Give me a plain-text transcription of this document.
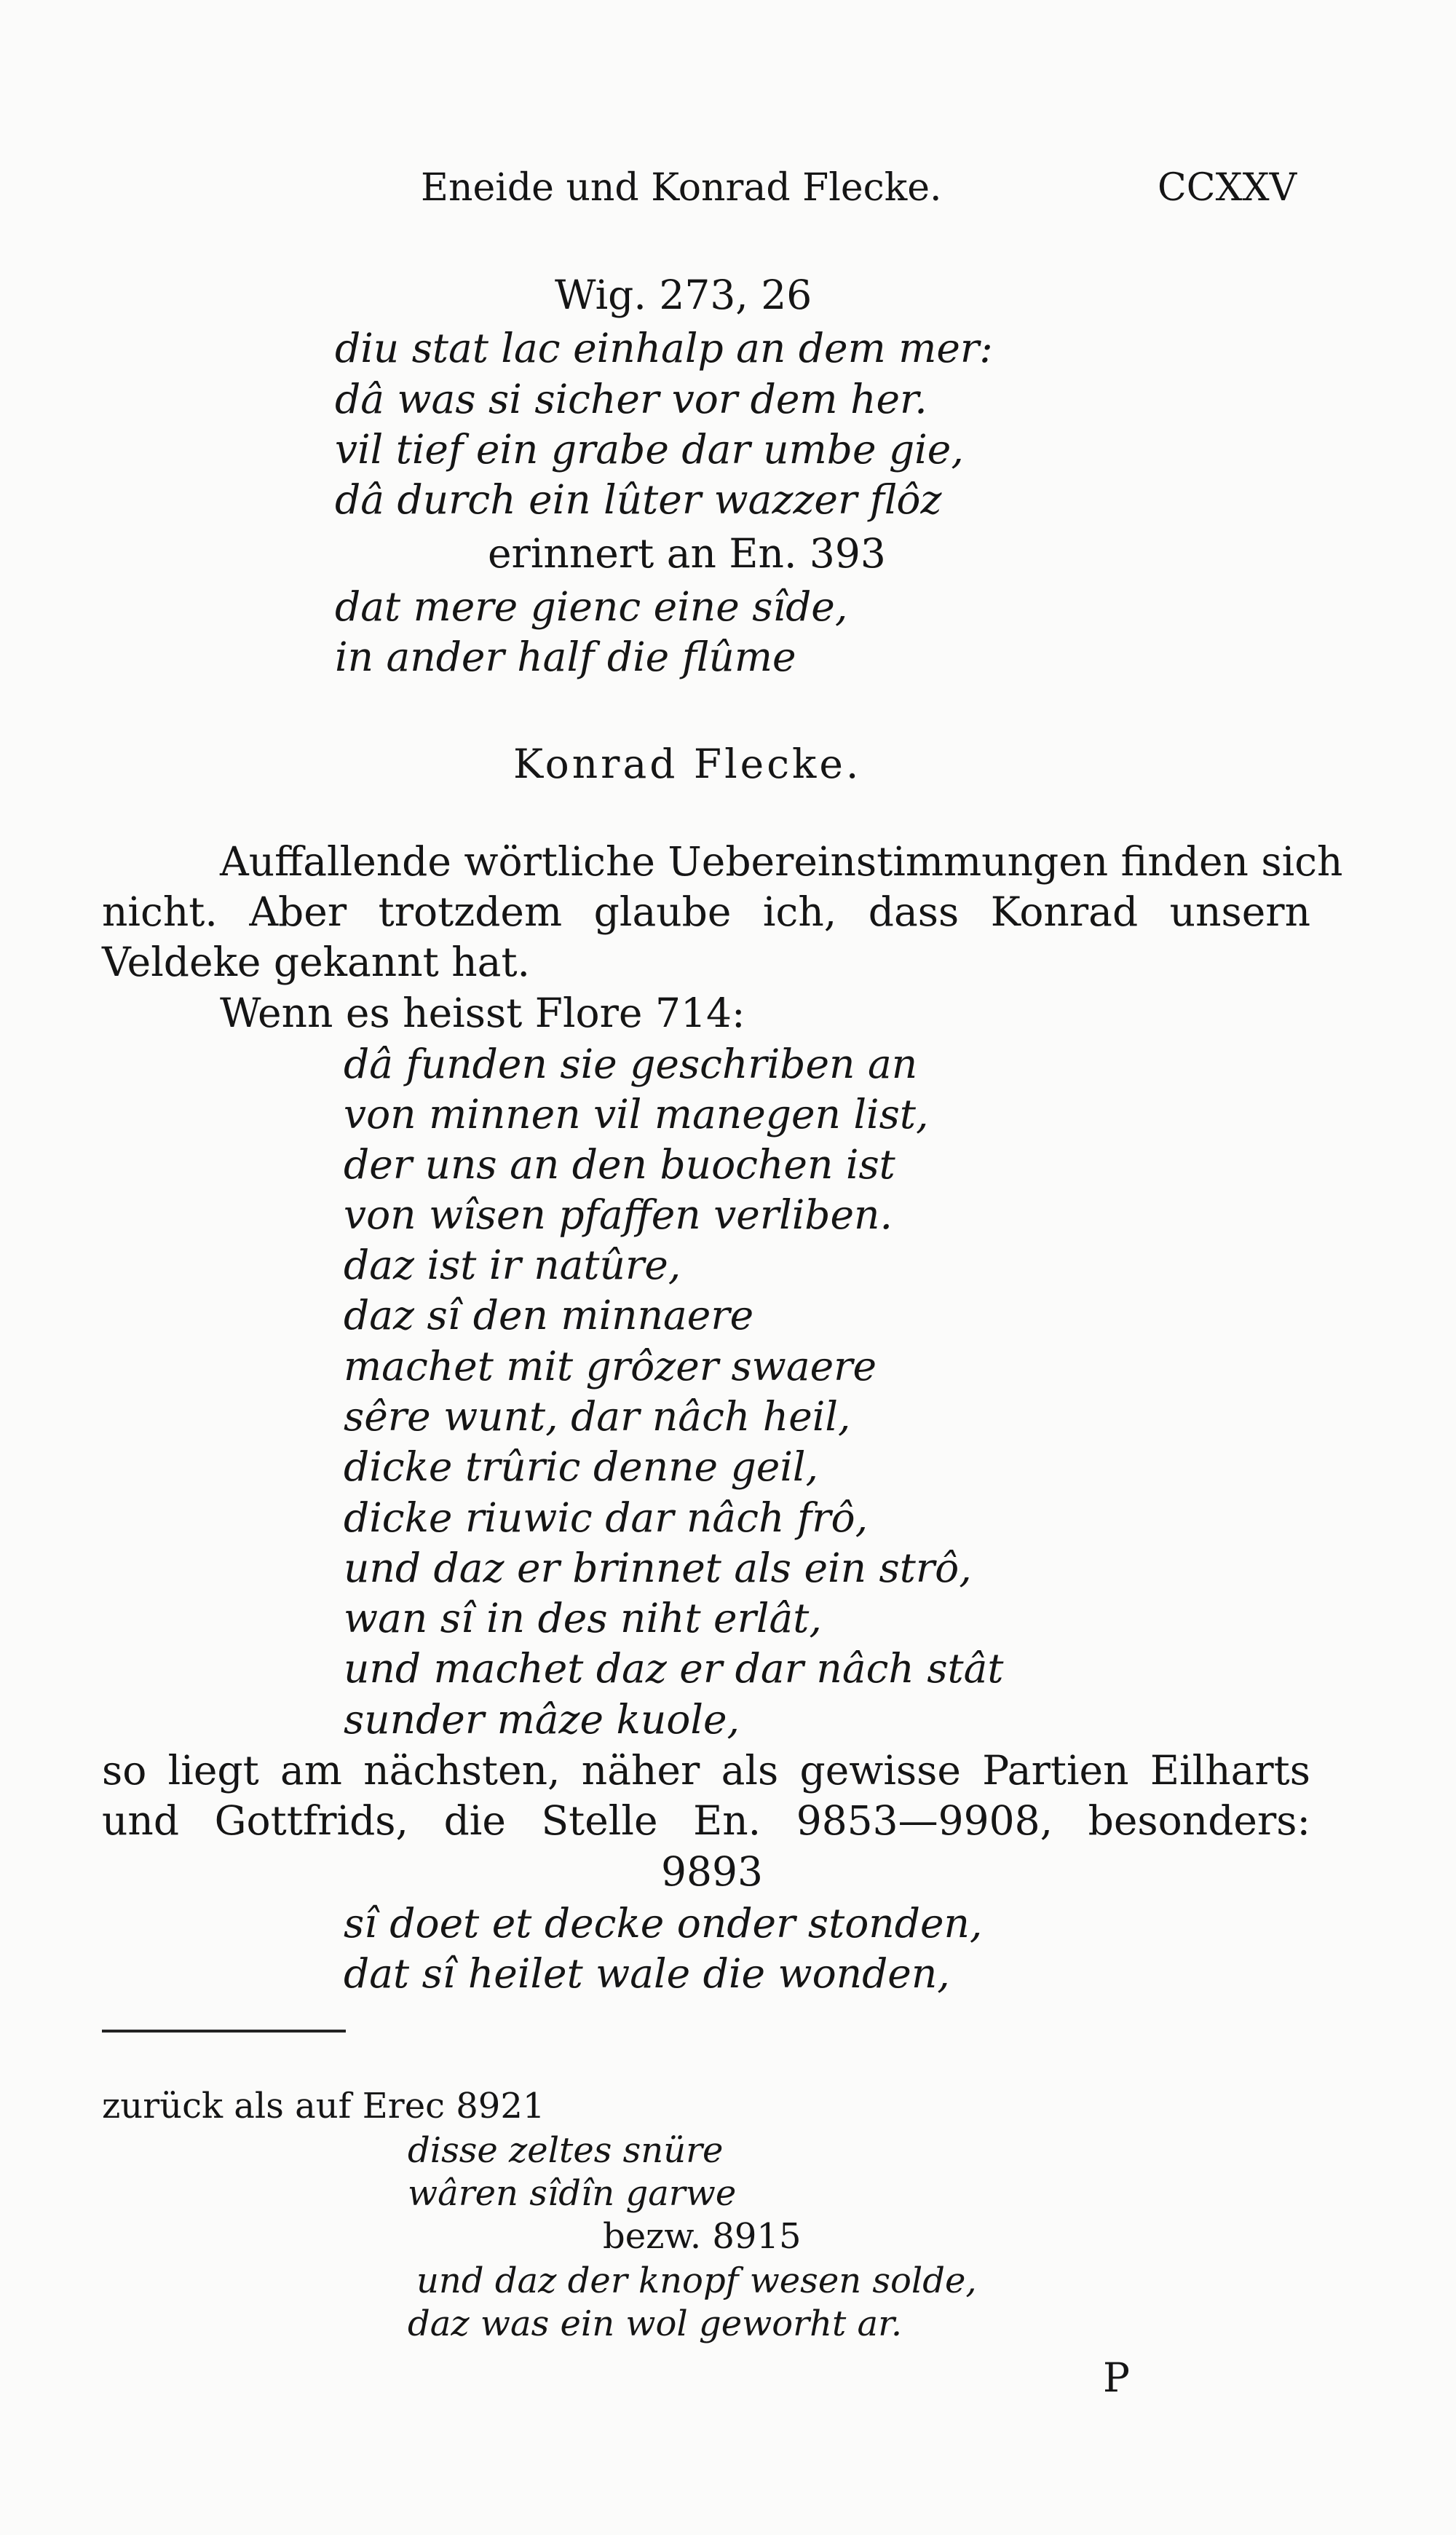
Eneide und Konrad Flecke.	CCXXV
Wig. 273, 26
diu stat lac einhalp an dem mer:
dâ was si sicher vor dem her.
vil tief ein grabe dar umbe gie,
dâ durch ein lûter wazzer flôz
erinnert an En. 393
dat mere gienc eine sîde,
in ander half die flûme
Konrad Flecke.
Auffallende wörtliche Uebereinstimmungen finden sich
nicht. Aber trotzdem glaube ich, dass Konrad unsern
Veldeke gekannt hat.
Wenn es heisst Flore 714:
dâ funden sie geschriben an
von minnen vil manegen list,
der uns an den buochen ist
von wîsen pfaffen verliben.
daz ist ir natûre,
daz sî den minnaere
machet mit grôzer swaere
sêre wunt, dar nâch heil,
dicke trûric denne geil,
dicke riuwic dar nâch frô,
und daz er brinnet als ein strô,
wan sî in des niht erlât,
und machet daz er dar nâch stât
sunder mâze kuole,
so liegt am nächsten, näher als gewisse Partien Eilharts
und Gottfrids, die Stelle En. 9853—9908, besonders:
9893
sî doet et decke onder stonden,
dat sî heilet wale die wonden,
zurück als auf Erec 8921
disse zeltes snüre
wâren sîdîn garwe
bezw. 8915
und daz der knopf wesen solde,
daz was ein wol geworht ar.
P
